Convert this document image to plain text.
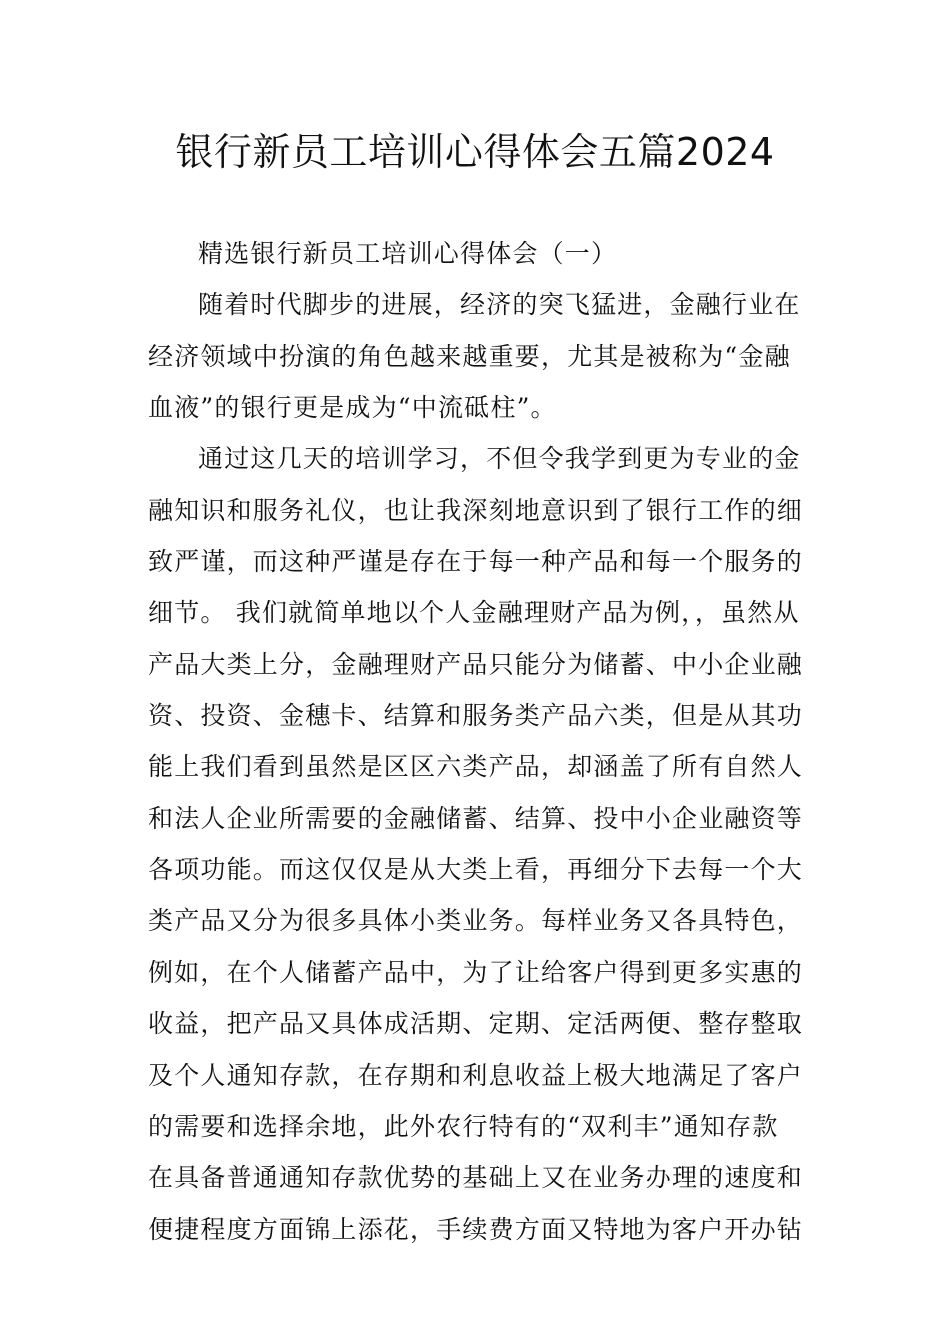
银行新员工培训心得体会五篇2024
精选银行新员工培训心得体会（一）
随着时代脚步的进展，经济的突飞猛进，金融行业在
经济领域中扮演的角色越来越重要，尤其是被称为“金融
血液”的银行更是成为“中流砥柱”。
通过这几天的培训学习，不但令我学到更为专业的金
融知识和服务礼仪，也让我深刻地意识到了银行工作的细
致严谨，而这种严谨是存在于每一种产品和每一个服务的
细节。 我们就简单地以个人金融理财产品为例，，虽然从
产品大类上分，金融理财产品只能分为储蓄、中小企业融
资、投资、金穗卡、结算和服务类产品六类，但是从其功
能上我们看到虽然是区区六类产品，却涵盖了所有自然人
和法人企业所需要的金融储蓄、结算、投中小企业融资等
各项功能。而这仅仅是从大类上看，再细分下去每一个大
类产品又分为很多具体小类业务。每样业务又各具特色，
例如，在个人储蓄产品中，为了让给客户得到更多实惠的
收益，把产品又具体成活期、定期、定活两便、整存整取
及个人通知存款，在存期和利息收益上极大地满足了客户
的需要和选择余地，此外农行特有的“双利丰”通知存款
在具备普通通知存款优势的基础上又在业务办理的速度和
便捷程度方面锦上添花，手续费方面又特地为客户开办钻
